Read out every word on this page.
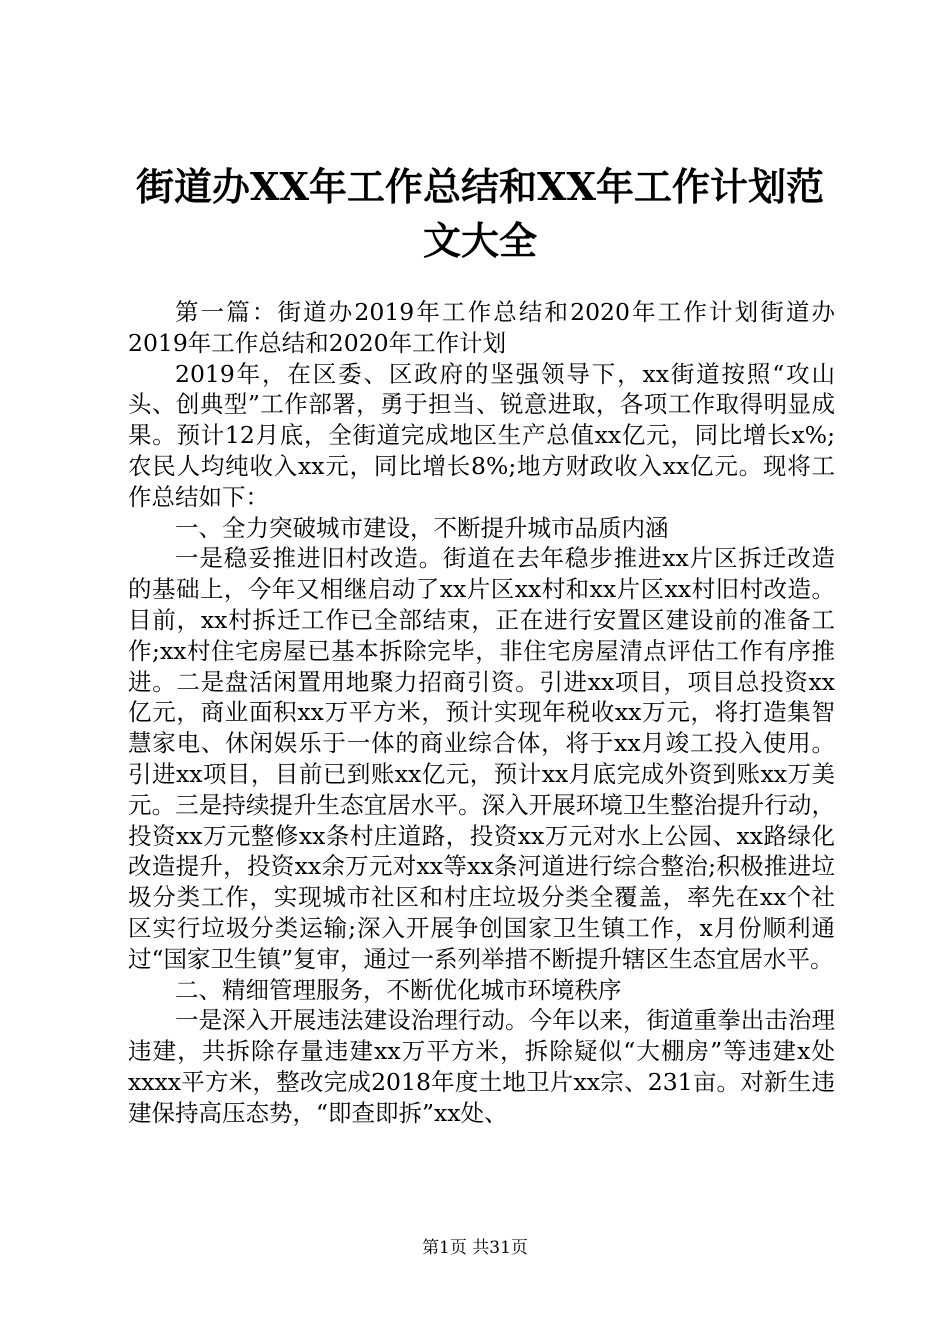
街道办XX年工作总结和XX年工作计划范文大全

第一篇：街道办2019年工作总结和2020年工作计划街道办2019年工作总结和2020年工作计划

2019年，在区委、区政府的坚强领导下，xx街道按照“攻山头、创典型”工作部署，勇于担当、锐意进取，各项工作取得明显成果。预计12月底，全街道完成地区生产总值xx亿元，同比增长x%;农民人均纯收入xx元，同比增长8%;地方财政收入xx亿元。现将工作总结如下：

一、全力突破城市建设，不断提升城市品质内涵

一是稳妥推进旧村改造。街道在去年稳步推进xx片区拆迁改造的基础上，今年又相继启动了xx片区xx村和xx片区xx村旧村改造。目前，xx村拆迁工作已全部结束，正在进行安置区建设前的准备工作;xx村住宅房屋已基本拆除完毕，非住宅房屋清点评估工作有序推进。二是盘活闲置用地聚力招商引资。引进xx项目，项目总投资xx亿元，商业面积xx万平方米，预计实现年税收xx万元，将打造集智慧家电、休闲娱乐于一体的商业综合体，将于xx月竣工投入使用。引进xx项目，目前已到账xx亿元，预计xx月底完成外资到账xx万美元。三是持续提升生态宜居水平。深入开展环境卫生整治提升行动，投资xx万元整修xx条村庄道路，投资xx万元对水上公园、xx路绿化改造提升，投资xx余万元对xx等xx条河道进行综合整治;积极推进垃圾分类工作，实现城市社区和村庄垃圾分类全覆盖，率先在xx个社区实行垃圾分类运输;深入开展争创国家卫生镇工作，x月份顺利通过“国家卫生镇”复审，通过一系列举措不断提升辖区生态宜居水平。

二、精细管理服务，不断优化城市环境秩序

一是深入开展违法建设治理行动。今年以来，街道重拳出击治理违建，共拆除存量违建xx万平方米，拆除疑似“大棚房”等违建x处xxxx平方米，整改完成2018年度土地卫片xx宗、231亩。对新生违建保持高压态势，“即查即拆”xx处、

第1页 共31页
